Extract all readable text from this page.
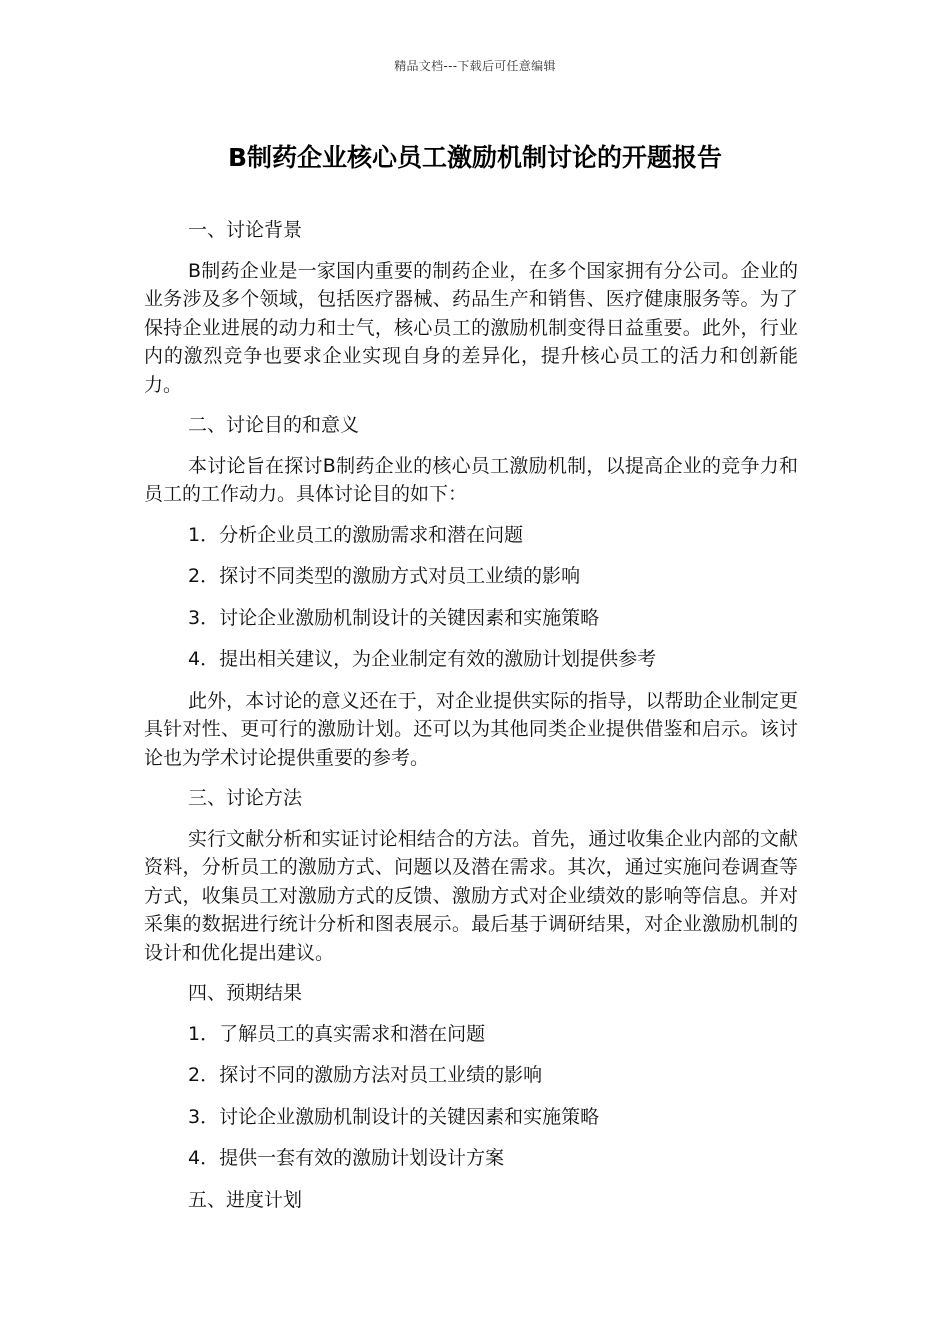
精品文档---下载后可任意编辑
B制药企业核心员工激励机制讨论的开题报告
一、讨论背景

B制药企业是一家国内重要的制药企业，在多个国家拥有分公司。企业的业务涉及多个领域，包括医疗器械、药品生产和销售、医疗健康服务等。为了保持企业进展的动力和士气，核心员工的激励机制变得日益重要。此外，行业内的激烈竞争也要求企业实现自身的差异化，提升核心员工的活力和创新能力。

二、讨论目的和意义

本讨论旨在探讨B制药企业的核心员工激励机制，以提高企业的竞争力和员工的工作动力。具体讨论目的如下：

1．分析企业员工的激励需求和潜在问题
2．探讨不同类型的激励方式对员工业绩的影响
3．讨论企业激励机制设计的关键因素和实施策略
4．提出相关建议，为企业制定有效的激励计划提供参考

此外，本讨论的意义还在于，对企业提供实际的指导，以帮助企业制定更具针对性、更可行的激励计划。还可以为其他同类企业提供借鉴和启示。该讨论也为学术讨论提供重要的参考。

三、讨论方法

实行文献分析和实证讨论相结合的方法。首先，通过收集企业内部的文献资料，分析员工的激励方式、问题以及潜在需求。其次，通过实施问卷调查等方式，收集员工对激励方式的反馈、激励方式对企业绩效的影响等信息。并对采集的数据进行统计分析和图表展示。最后基于调研结果，对企业激励机制的设计和优化提出建议。

四、预期结果
1．了解员工的真实需求和潜在问题
2．探讨不同的激励方法对员工业绩的影响
3．讨论企业激励机制设计的关键因素和实施策略
4．提供一套有效的激励计划设计方案
五、进度计划
